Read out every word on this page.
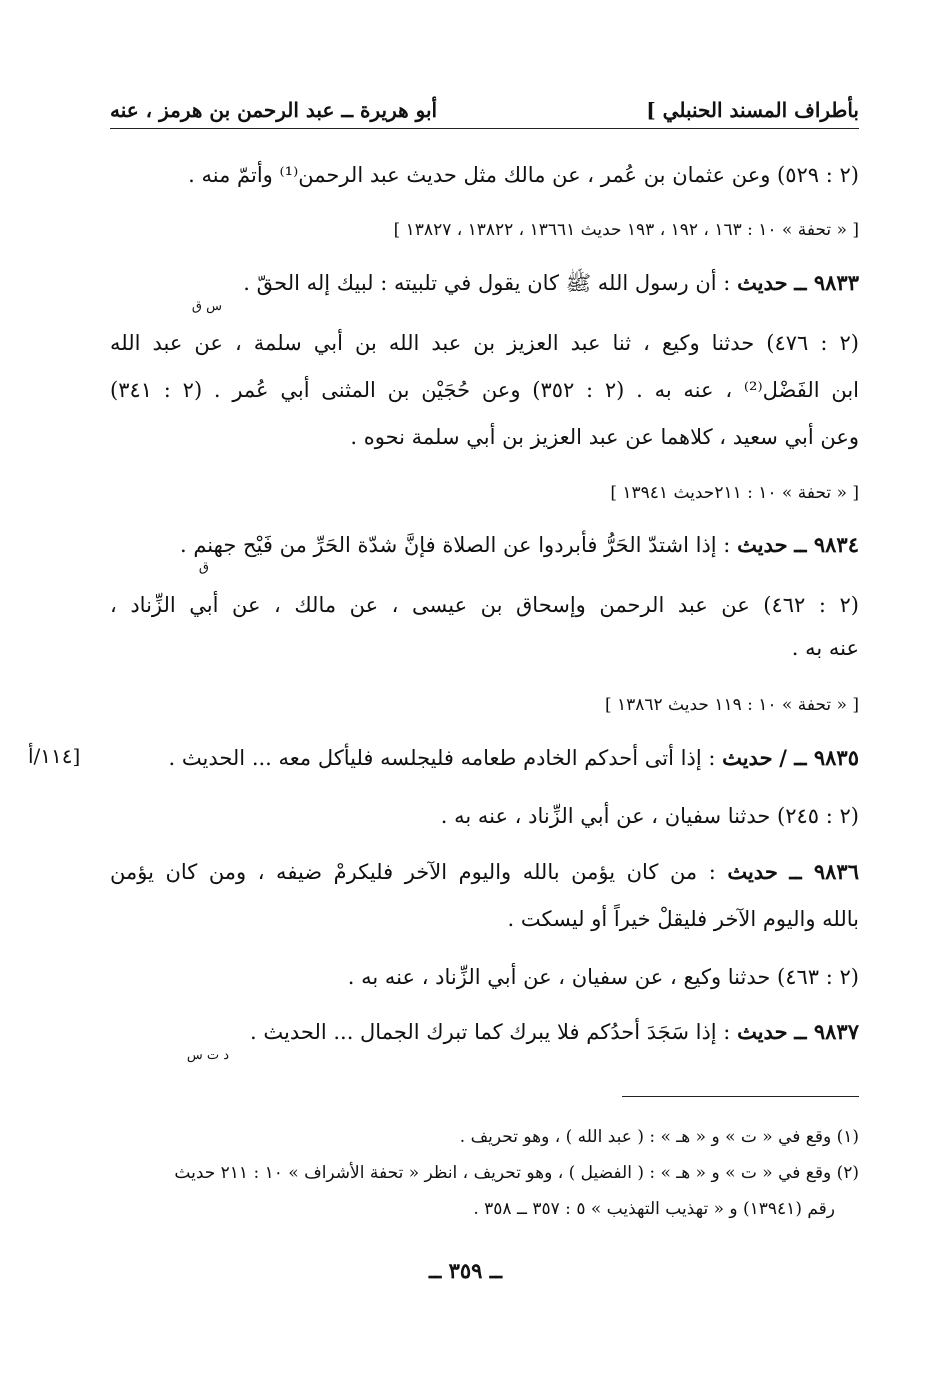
بأطراف المسند الحنبلي ]
أبو هريرة ــ عبد الرحمن بن هرمز ، عنه
(٢ : ٥٢٩) وعن عثمان بن عُمر ، عن مالك مثل حديث عبد الرحمن⁽¹⁾ وأتمّ منه .
[ « تحفة » ١٠ : ١٦٣ ، ١٩٢ ، ١٩٣ حديث ١٣٦٦١ ، ١٣٨٢٢ ، ١٣٨٢٧ ]
٩٨٣٣ ــ حديث : أن رسول الله ﷺ كان يقول في تلبيته : لبيك إله الحقّ .
س ق
(٢ : ٤٧٦) حدثنا وكيع ، ثنا عبد العزيز بن عبد الله بن أبي سلمة ، عن عبد الله
ابن الفَضْل⁽²⁾ ، عنه به . (٢ : ٣٥٢) وعن حُجَيْن بن المثنى أبي عُمر . (٢ : ٣٤١)
وعن أبي سعيد ، كلاهما عن عبد العزيز بن أبي سلمة نحوه .
[ « تحفة » ١٠ : ٢١١حديث ١٣٩٤١ ]
٩٨٣٤ ــ حديث : إذا اشتدّ الحَرُّ فأبردوا عن الصلاة فإنَّ شدّة الحَرِّ من فَيْح جهنم .
ق
(٢ : ٤٦٢) عن عبد الرحمن وإسحاق بن عيسى ، عن مالك ، عن أبي الزِّناد ،
عنه به .
[ « تحفة » ١٠ : ١١٩ حديث ١٣٨٦٢ ]
٩٨٣٥ ــ / حديث : إذا أتى أحدكم الخادم طعامه فليجلسه فليأكل معه ... الحديث .
[١١٤/أ
(٢ : ٢٤٥) حدثنا سفيان ، عن أبي الزِّناد ، عنه به .
٩٨٣٦ ــ حديث : من كان يؤمن بالله واليوم الآخر فليكرمْ ضيفه ، ومن كان يؤمن
بالله واليوم الآخر فليقلْ خيراً أو ليسكت .
(٢ : ٤٦٣) حدثنا وكيع ، عن سفيان ، عن أبي الزِّناد ، عنه به .
٩٨٣٧ ــ حديث : إذا سَجَدَ أحدُكم فلا يبرك كما تبرك الجمال ... الحديث .
د ت س
(١) وقع في « ت » و « هـ » : ( عبد الله ) ، وهو تحريف .
(٢) وقع في « ت » و « هـ » : ( الفضيل ) ، وهو تحريف ، انظر « تحفة الأشراف » ١٠ : ٢١١ حديث
رقم (١٣٩٤١) و « تهذيب التهذيب » ٥ : ٣٥٧ ــ ٣٥٨ .
ــ ٣٥٩ ــ
